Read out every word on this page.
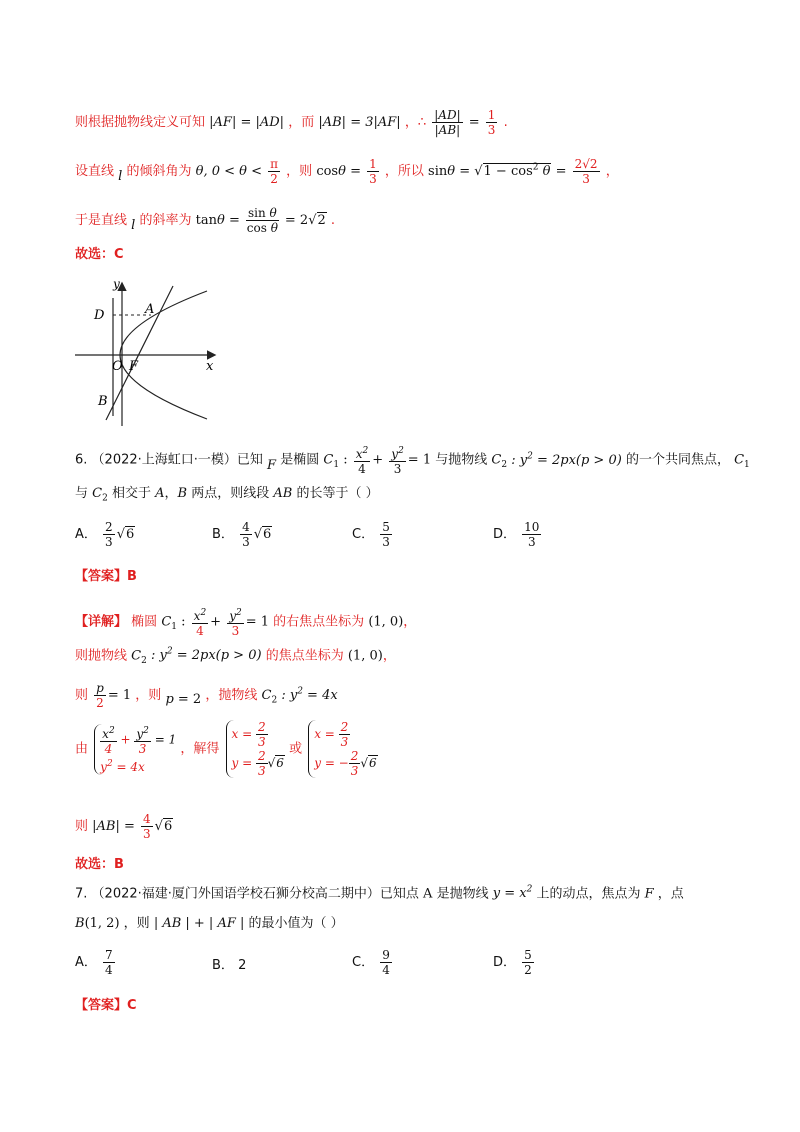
则根据抛物线定义可知 |AF| = |AD| ，而 |AB| = 3|AF| ，∴ $\frac{|AD|}{|AB|} = \frac{1}{3}$ .
设直线 l 的倾斜角为 θ, $0 < \theta < \frac{\pi}{2}$ ，则 $\cos\theta = \frac{1}{3}$ ，所以 $\sin\theta = √1 - \cos^2 \theta = \frac{2√2}{3}$ ，
于是直线 l 的斜率为 $\tan\theta = \frac{\text{sin θ}}{\text{cos θ}} = 2√2$ .
故选：C
y
x
A
D
O F
B
6. （2022·上海虹口·一模）已知 F 是椭圆 $C_1$ : $\frac{x^2}{4} + \frac{y^2}{3} = 1$ 与抛物线 $C_2$ : $y^2 = 2px(p > 0)$ 的一个共同焦点， $C_1$
与 $C_2$ 相交于 A，B 两点，则线段 AB 的长等于（ ）
A． $\frac{2}{3} √6$	B． $\frac{4}{3} √6$	C． $\frac{5}{3}$	D． $\frac{10}{3}$
【答案】B
【详解】 椭圆 $C_1$ : $\frac{x^2}{4} + \frac{y^2}{3} = 1$ 的右焦点坐标为 (1, 0)，
则抛物线 $C_2$ : $y^2 = 2px(p > 0)$ 的焦点坐标为 (1, 0)，
则 $\frac{p}{2} = 1$ ，则 p = 2 ，抛物线 $C_2$ : $y^2 = 4x$
由 $\frac{x^2}{4} + \frac{y^2}{3} = 1$
$y^2 = 4x$
，解得
$x = \frac{2}{3}$
$y = \frac{2}{3} √6$
或
$x = \frac{2}{3}$
y = − $\frac{2}{3} √6$
则 $|AB| = \frac{4}{3} √6$
故选：B
7. （2022·福建·厦门外国语学校石狮分校高二期中）已知点 A 是抛物线 $y = x^2$ 上的动点，焦点为 F ，点
B(1, 2) ，则 | AB | + | AF | 的最小值为（ ）
A． $\frac{7}{4}$	B． 2	C． $\frac{9}{4}$	D． $\frac{5}{2}$
【答案】C
